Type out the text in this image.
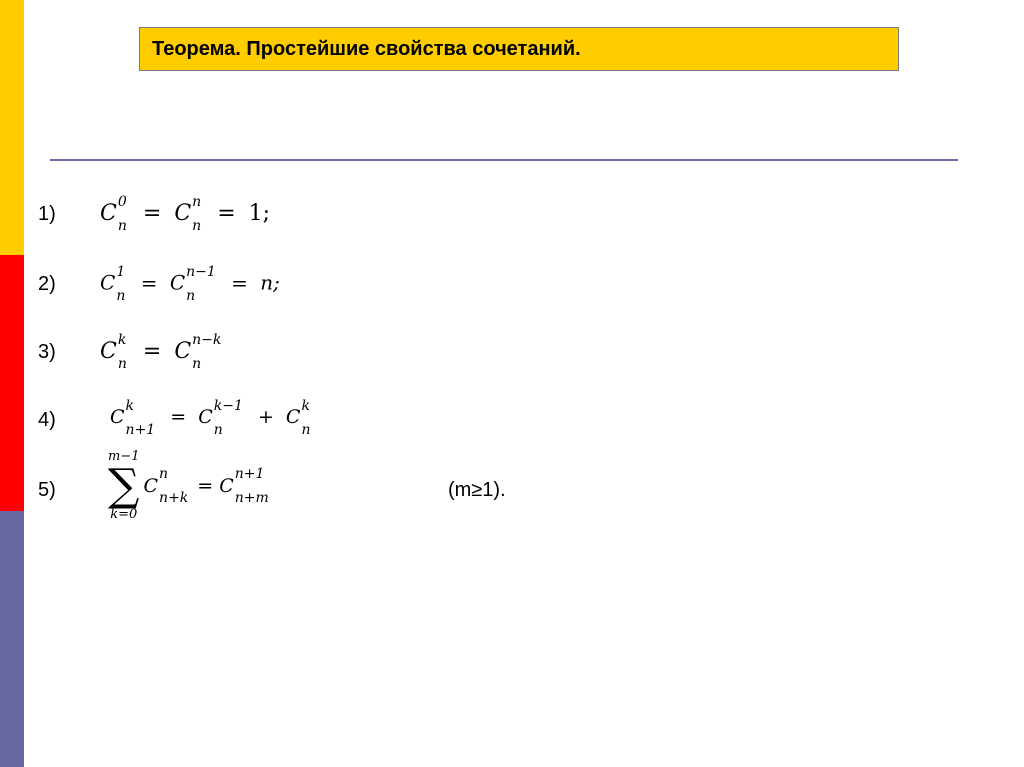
Теорема. Простейшие свойства сочетаний.
1) C 0
n = C n
n = 1;
2) C 1
n
= C n−1
n
= n;
3) C k
n = C n−k
n
4)	C k
n+1
= C k−1
n
+ C k
n
5)
m−1
∑
k=0
C
n
n+k
= C
n+1
n+m	(m≥1).
